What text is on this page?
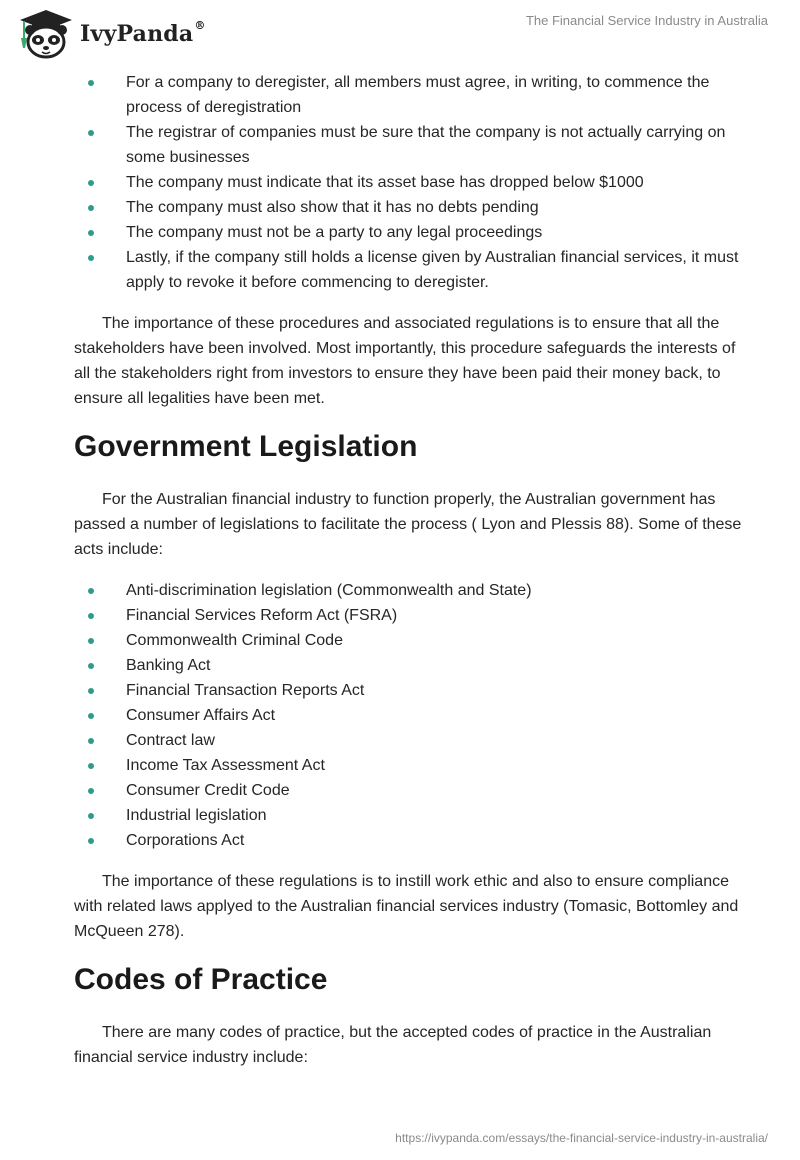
IvyPanda®	The Financial Service Industry in Australia
For a company to deregister, all members must agree, in writing, to commence the process of deregistration
The registrar of companies must be sure that the company is not actually carrying on some businesses
The company must indicate that its asset base has dropped below $1000
The company must also show that it has no debts pending
The company must not be a party to any legal proceedings
Lastly, if the company still holds a license given by Australian financial services, it must apply to revoke it before commencing to deregister.

The importance of these procedures and associated regulations is to ensure that all the stakeholders have been involved. Most importantly, this procedure safeguards the interests of all the stakeholders right from investors to ensure they have been paid their money back, to ensure all legalities have been met.

Government Legislation

For the Australian financial industry to function properly, the Australian government has passed a number of legislations to facilitate the process ( Lyon and Plessis 88). Some of these acts include:

Anti-discrimination legislation (Commonwealth and State)
Financial Services Reform Act (FSRA)
Commonwealth Criminal Code
Banking Act
Financial Transaction Reports Act
Consumer Affairs Act
Contract law
Income Tax Assessment Act
Consumer Credit Code
Industrial legislation
Corporations Act

The importance of these regulations is to instill work ethic and also to ensure compliance with related laws applyed to the Australian financial services industry (Tomasic, Bottomley and McQueen 278).

Codes of Practice

There are many codes of practice, but the accepted codes of practice in the Australian financial service industry include:

https://ivypanda.com/essays/the-financial-service-industry-in-australia/
